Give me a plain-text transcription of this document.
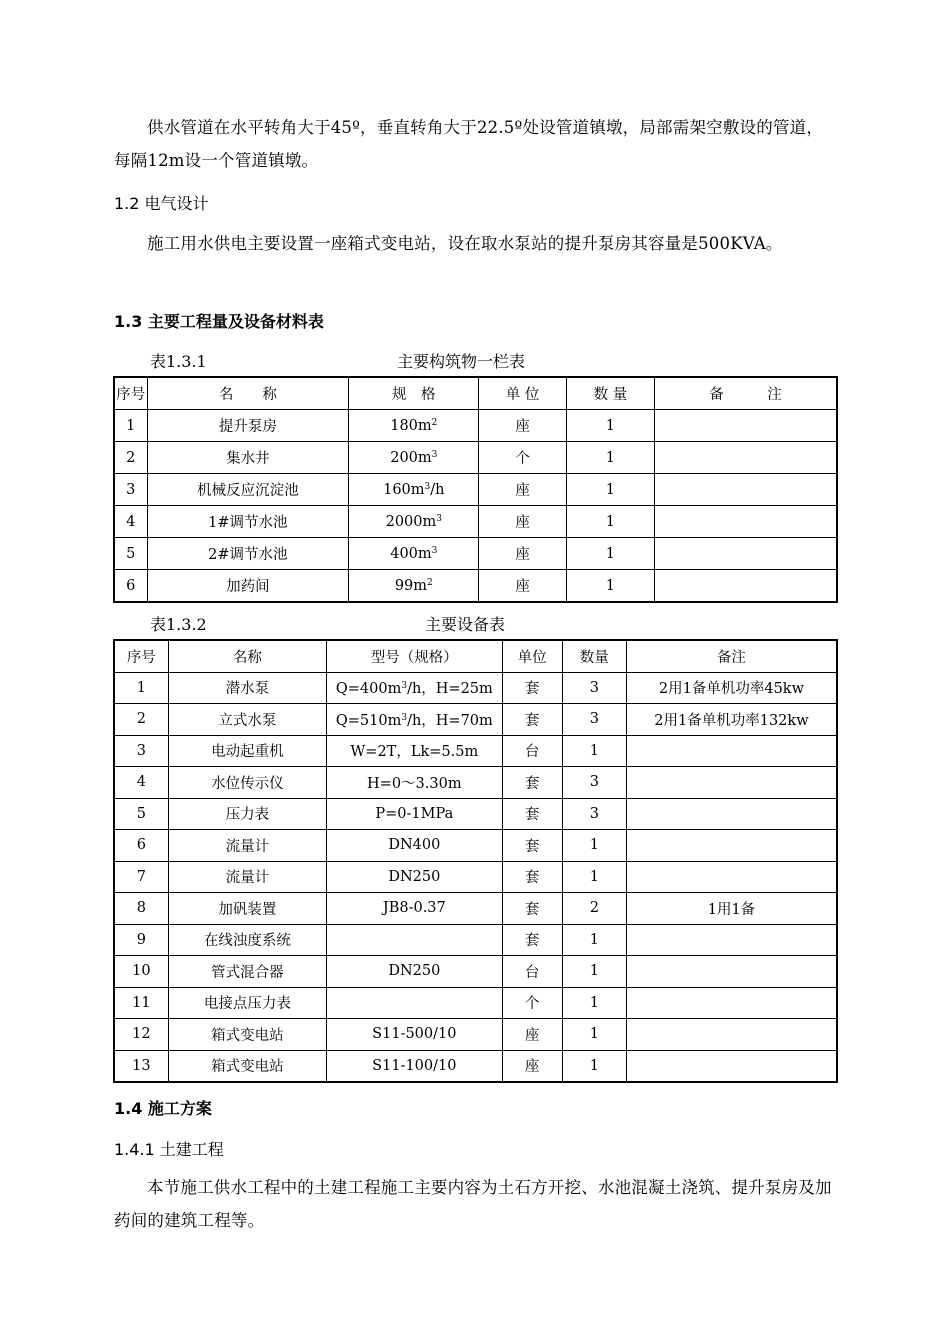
供水管道在水平转角大于45º，垂直转角大于22.5º处设管道镇墩，局部需架空敷设的管道，每隔12m设一个管道镇墩。
1.2 电气设计
施工用水供电主要设置一座箱式变电站，设在取水泵站的提升泵房其容量是500KVA。
1.3 主要工程量及设备材料表
表1.3.1	主要构筑物一栏表
序号	名　　称	规　格	单 位	数 量	备　　　注
1	提升泵房	$180m^2$	座	1	
2	集水井	$200m^3$	个	1	
3	机械反应沉淀池	$160m^3/h$	座	1	
4	1#调节水池	$2000m^3$	座	1	
5	2#调节水池	$400m^3$	座	1	
6	加药间	$99m^2$	座	1	
表1.3.2	主要设备表
序号	名称	型号（规格）	单位	数量	备注
1	潜水泵	$Q=400m^3/h$，H=25m	套	3	2用1备单机功率45kw
2	立式水泵	$Q=510m^3/h$，H=70m	套	3	2用1备单机功率132kw
3	电动起重机	W=2T，Lk=5.5m	台	1	
4	水位传示仪	H=0～3.30m	套	3	
5	压力表	P=0-1MPa	套	3	
6	流量计	DN400	套	1	
7	流量计	DN250	套	1	
8	加矾装置	JB8-0.37	套	2	1用1备
9	在线浊度系统		套	1	
10	管式混合器	DN250	台	1	
11	电接点压力表		个	1	
12	箱式变电站	S11-500/10	座	1	
13	箱式变电站	S11-100/10	座	1	
1.4 施工方案
1.4.1 土建工程
本节施工供水工程中的土建工程施工主要内容为土石方开挖、水池混凝土浇筑、提升泵房及加药间的建筑工程等。
